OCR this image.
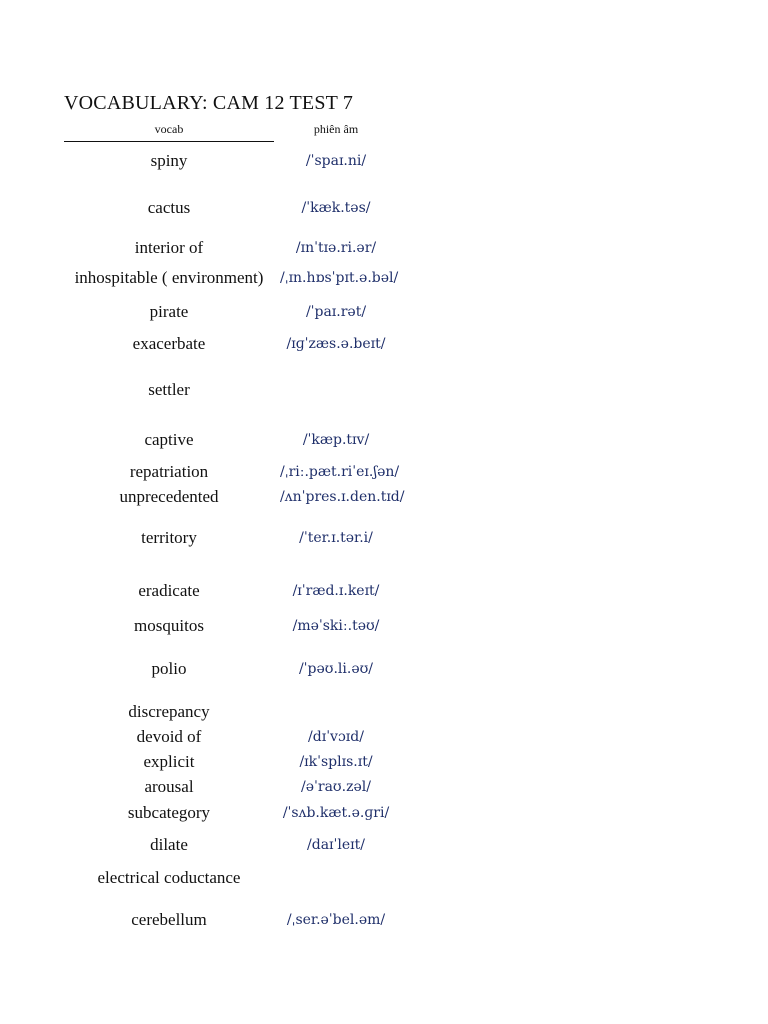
VOCABULARY: CAM 12 TEST 7
vocab	phiên âm
spiny	/ˈspaɪ.ni/
cactus	/ˈkæk.təs/
interior of	/ɪnˈtɪə.ri.ər/
inhospitable ( environment)	/ˌɪn.hɒsˈpɪt.ə.bəl/
pirate	/ˈpaɪ.rət/
exacerbate	/ɪɡˈzæs.ə.beɪt/
settler
captive	/ˈkæp.tɪv/
repatriation	/ˌriː.pæt.riˈeɪ.ʃən/
unprecedented	/ʌnˈpres.ɪ.den.tɪd/
territory	/ˈter.ɪ.tər.i/
eradicate	/ɪˈræd.ɪ.keɪt/
mosquitos	/məˈskiː.təʊ/
polio	/ˈpəʊ.li.əʊ/
discrepancy
devoid of	/dɪˈvɔɪd/
explicit	/ɪkˈsplɪs.ɪt/
arousal	/əˈraʊ.zəl/
subcategory	/ˈsʌb.kæt.ə.ɡri/
dilate	/daɪˈleɪt/
electrical coductance
cerebellum	/ˌser.əˈbel.əm/
